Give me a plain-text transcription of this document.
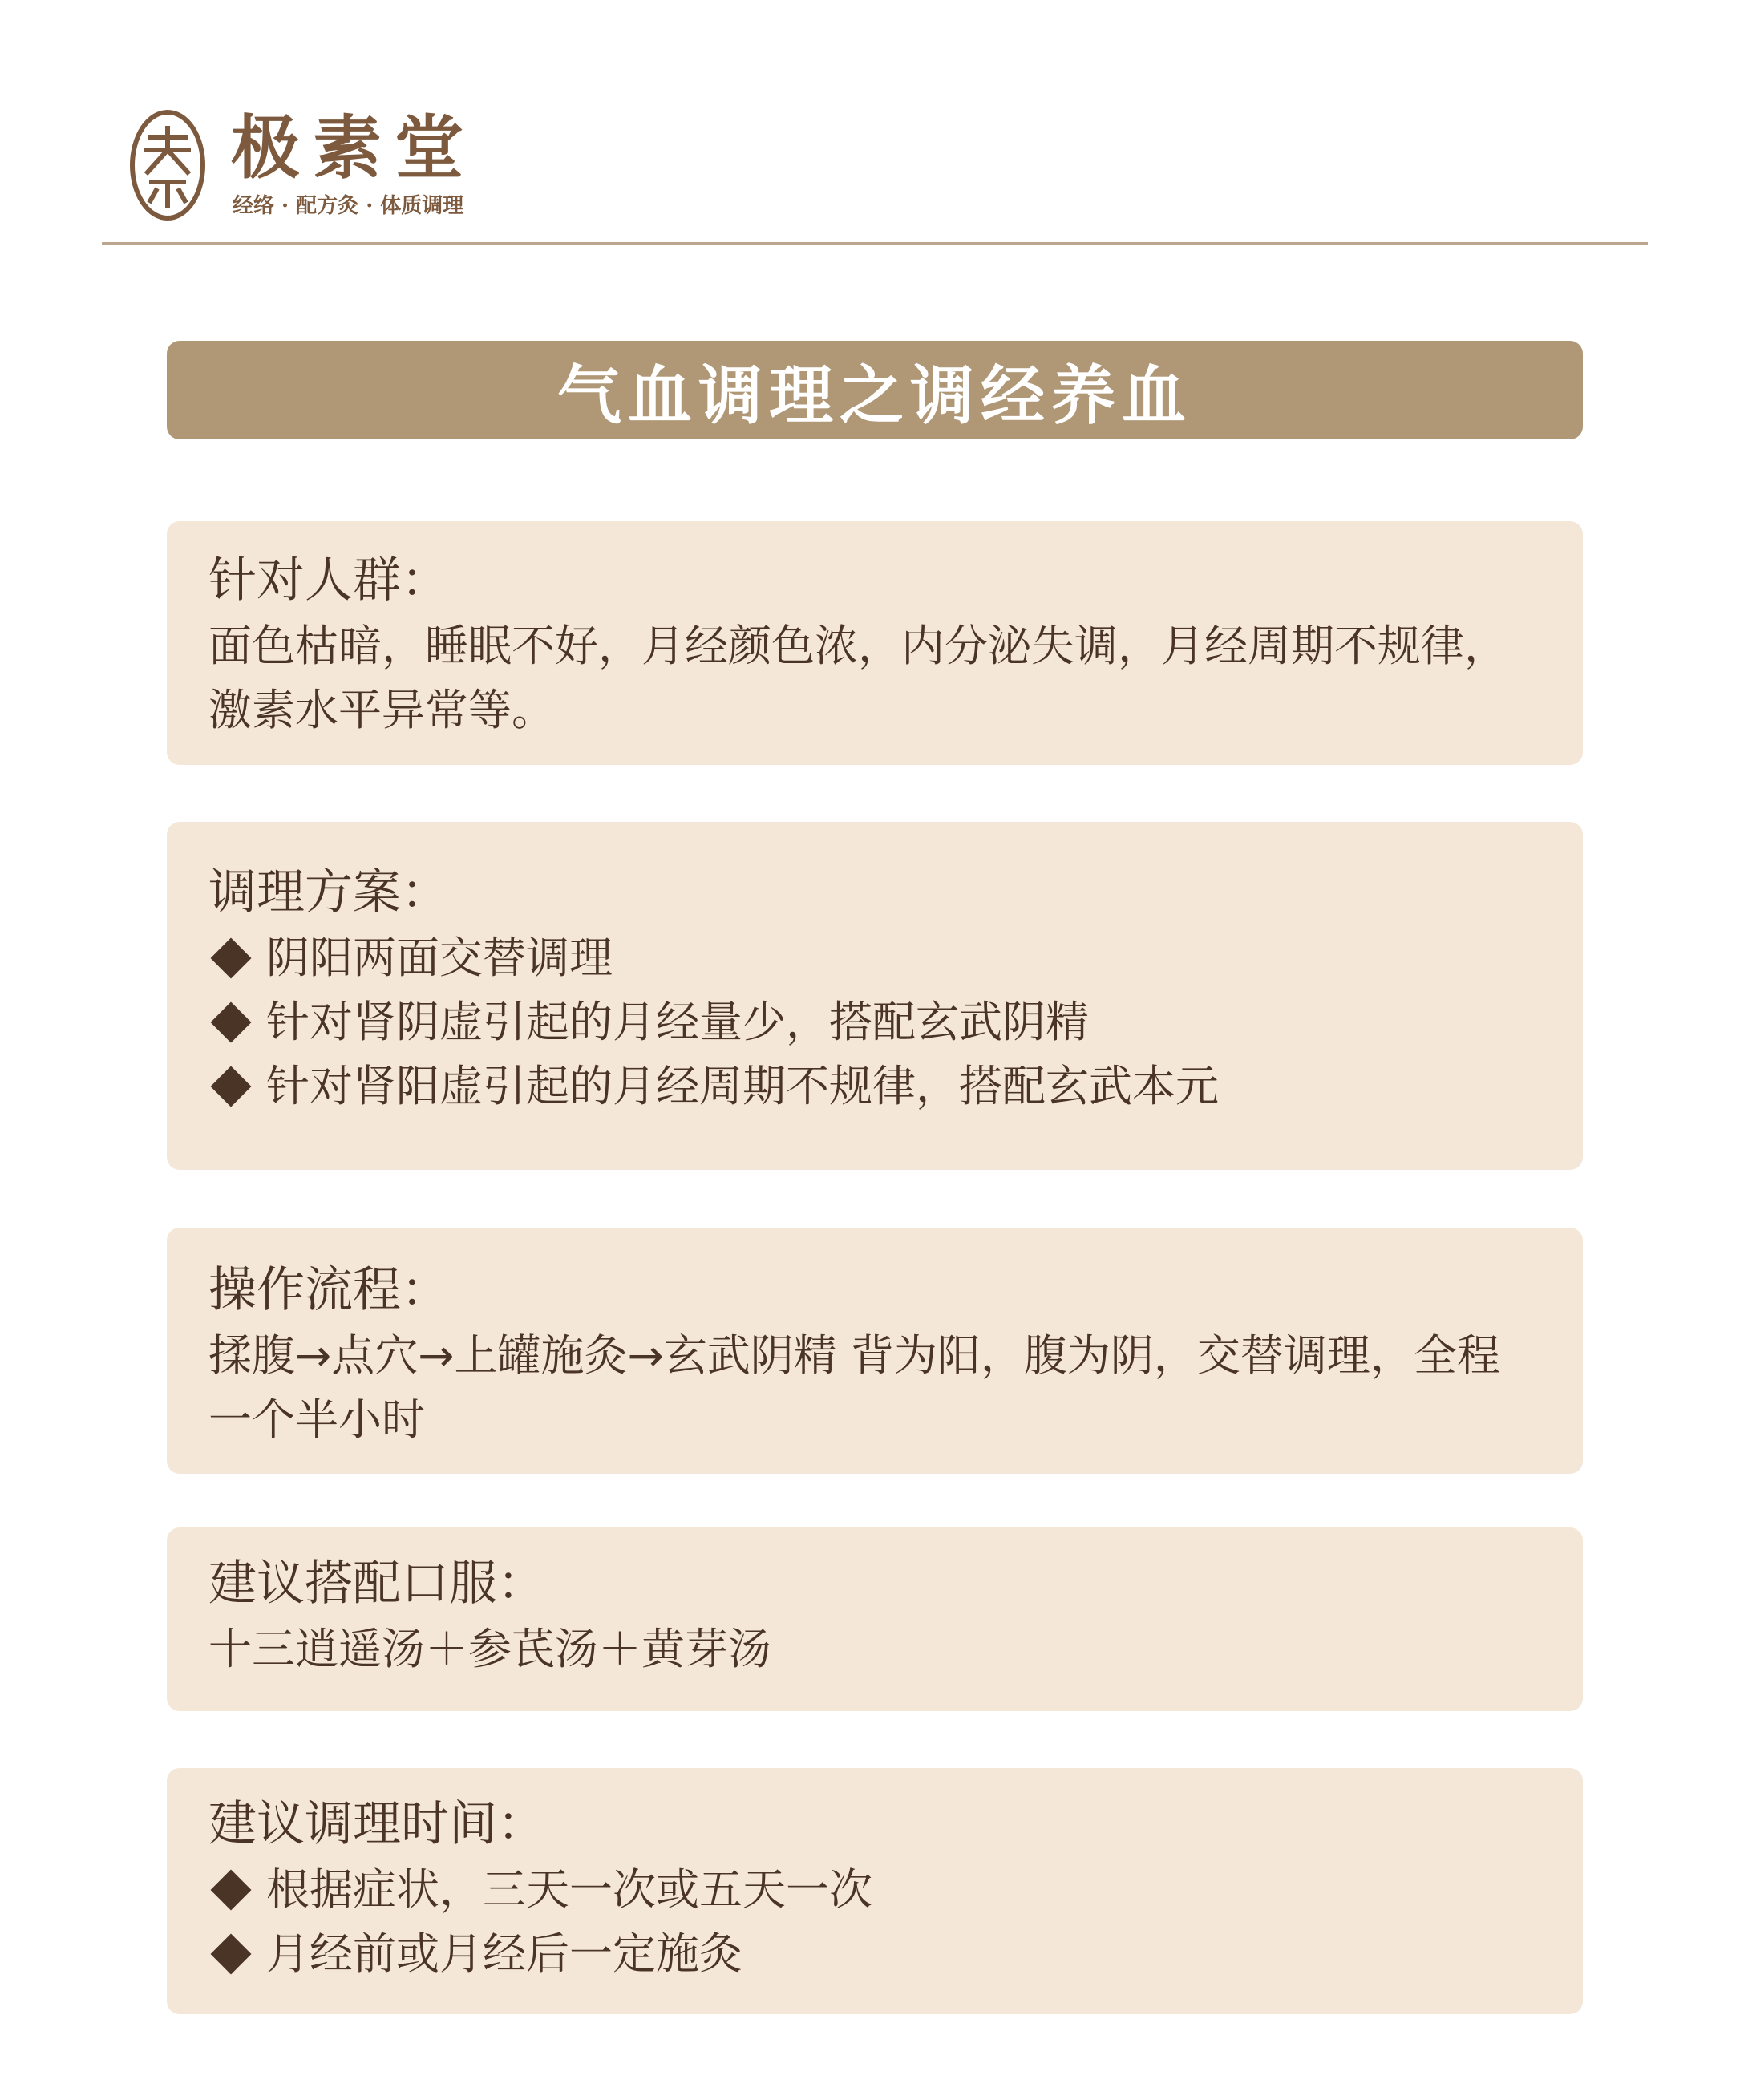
极素堂
经络 · 配方灸 · 体质调理
气血调理之调经养血

针对人群：

面色枯暗，睡眠不好，月经颜色浓，内分泌失调，月经周期不规律，激素水平异常等。

调理方案：

阴阳两面交替调理
针对肾阴虚引起的月经量少，搭配玄武阴精
针对肾阳虚引起的月经周期不规律，搭配玄武本元

操作流程：

揉腹→点穴→上罐施灸→玄武阴精 背为阳，腹为阴，交替调理，全程一个半小时

建议搭配口服：

十三逍遥汤＋参芪汤＋黄芽汤

建议调理时间：

根据症状，三天一次或五天一次
月经前或月经后一定施灸
